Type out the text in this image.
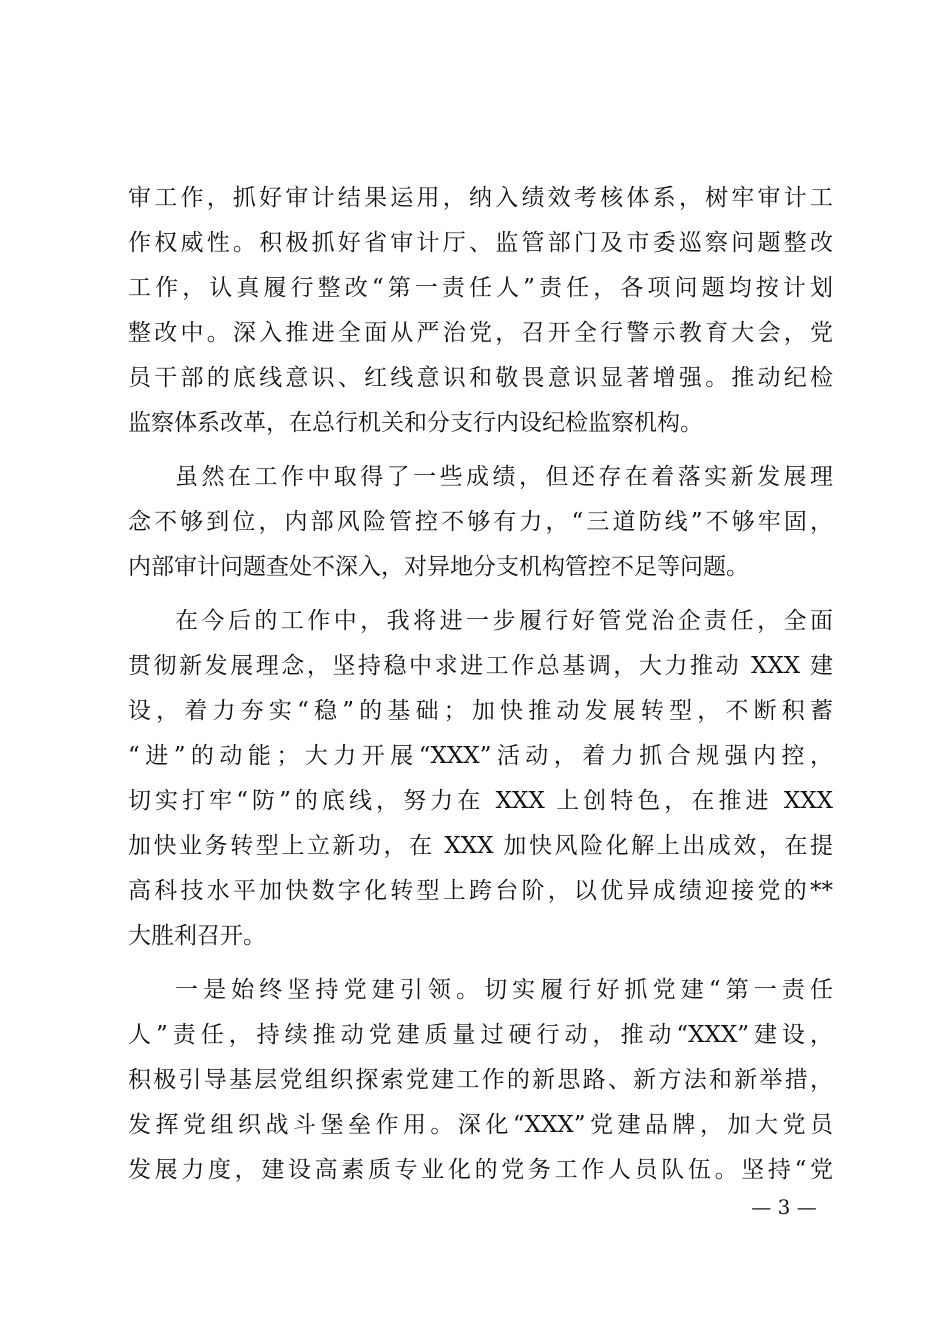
审工作，抓好审计结果运用，纳入绩效考核体系，树牢审计工
作权威性。积极抓好省审计厅、监管部门及市委巡察问题整改
工作，认真履行整改“第一责任人”责任，各项问题均按计划
整改中。深入推进全面从严治党，召开全行警示教育大会，党
员干部的底线意识、红线意识和敬畏意识显著增强。推动纪检
监察体系改革，在总行机关和分支行内设纪检监察机构。
虽然在工作中取得了一些成绩，但还存在着落实新发展理
念不够到位，内部风险管控不够有力，“三道防线”不够牢固，
内部审计问题查处不深入，对异地分支机构管控不足等问题。
在今后的工作中，我将进一步履行好管党治企责任，全面
贯彻新发展理念，坚持稳中求进工作总基调，大力推动 XXX 建
设，着力夯实“稳”的基础；加快推动发展转型，不断积蓄
“进”的动能；大力开展“XXX”活动，着力抓合规强内控，
切实打牢“防”的底线，努力在 XXX 上创特色，在推进 XXX
加快业务转型上立新功，在 XXX 加快风险化解上出成效，在提
高科技水平加快数字化转型上跨台阶，以优异成绩迎接党的**
大胜利召开。
一是始终坚持党建引领。切实履行好抓党建“第一责任
人”责任，持续推动党建质量过硬行动，推动“XXX”建设，
积极引导基层党组织探索党建工作的新思路、新方法和新举措，
发挥党组织战斗堡垒作用。深化“XXX”党建品牌，加大党员
发展力度，建设高素质专业化的党务工作人员队伍。坚持“党
— 3 —
